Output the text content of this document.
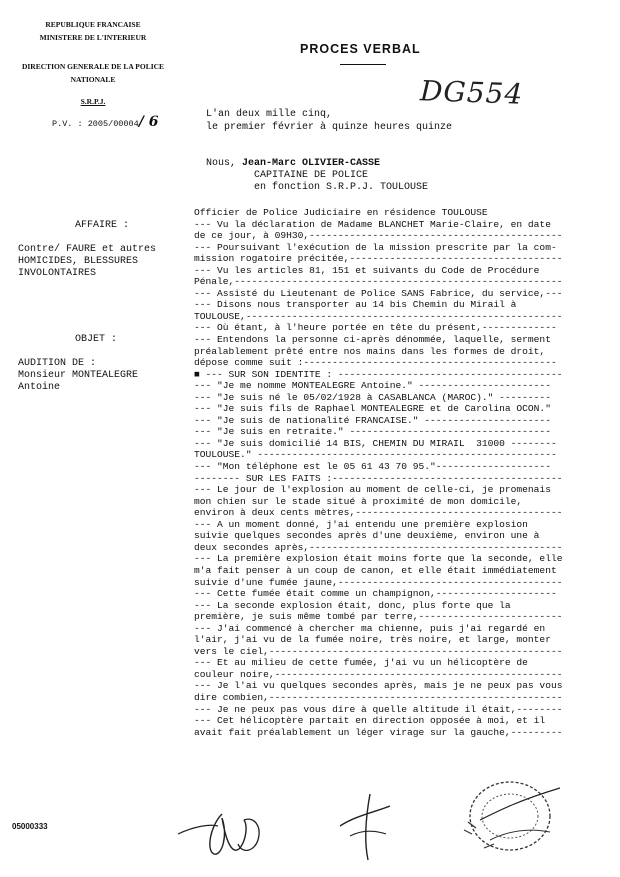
REPUBLIQUE FRANCAISE
MINISTERE DE L'INTERIEUR
DIRECTION GENERALE DE LA POLICE NATIONALE
S.R.P.J.
P.V. : 2005/00004/ 6
PROCES VERBAL
DG554
L'an deux mille cinq,
le premier février à quinze heures quinze
Nous, Jean-Marc OLIVIER-CASSE
CAPITAINE DE POLICE
en fonction S.R.P.J. TOULOUSE
AFFAIRE :
Contre/ FAURE et autres
HOMICIDES, BLESSURES
INVOLONTAIRES
OBJET :
AUDITION DE :
Monsieur MONTEALEGRE
Antoine
Officier de Police Judiciaire en résidence TOULOUSE
--- Vu la déclaration de Madame BLANCHET Marie-Claire, en date
de ce jour, à 09H30,--------------------------------------------
--- Poursuivant l'exécution de la mission prescrite par la com-
mission rogatoire précitée,-------------------------------------
--- Vu les articles 81, 151 et suivants du Code de Procédure
Pénale,---------------------------------------------------------
--- Assisté du Lieutenant de Police SANS Fabrice, du service,---
--- Disons nous transporter au 14 bis Chemin du Mirail à
TOULOUSE,-------------------------------------------------------
--- Où étant, à l'heure portée en tête du présent,-------------
--- Entendons la personne ci-après dénommée, laquelle, serment
préalablement prêté entre nos mains dans les formes de droit,
dépose comme suit :--------------------------------------------
■ --- SUR SON IDENTITE : ---------------------------------------
--- "Je me nomme MONTEALEGRE Antoine." -----------------------
--- "Je suis né le 05/02/1928 à CASABLANCA (MAROC)." ---------
--- "Je suis fils de Raphael MONTEALEGRE et de Carolina OCON."
--- "Je suis de nationalité FRANCAISE." ----------------------
--- "Je suis en retraite." -----------------------------------
--- "Je suis domicilié 14 BIS, CHEMIN DU MIRAIL  31000 --------
TOULOUSE." ----------------------------------------------------
--- "Mon téléphone est le 05 61 43 70 95."--------------------
-------- SUR LES FAITS :----------------------------------------
--- Le jour de l'explosion au moment de celle-ci, je promenais
mon chien sur le stade situé à proximité de mon domicile,
environ à deux cents mètres,------------------------------------
--- A un moment donné, j'ai entendu une première explosion
suivie quelques secondes après d'une deuxième, environ une à
deux secondes après,--------------------------------------------
--- La première explosion était moins forte que la seconde, elle
m'a fait penser à un coup de canon, et elle était immédiatement
suivie d'une fumée jaune,---------------------------------------
--- Cette fumée était comme un champignon,---------------------
--- La seconde explosion était, donc, plus forte que la
première, je suis même tombé par terre,-------------------------
--- J'ai commencé à chercher ma chienne, puis j'ai regardé en
l'air, j'ai vu de la fumée noire, très noire, et large, monter
vers le ciel,---------------------------------------------------
--- Et au milieu de cette fumée, j'ai vu un hélicoptère de
couleur noire,--------------------------------------------------
--- Je l'ai vu quelques secondes après, mais je ne peux pas vous
dire combien,---------------------------------------------------
--- Je ne peux pas vous dire à quelle altitude il était,--------
--- Cet hélicoptère partait en direction opposée à moi, et il
avait fait préalablement un léger virage sur la gauche,---------
05000333
